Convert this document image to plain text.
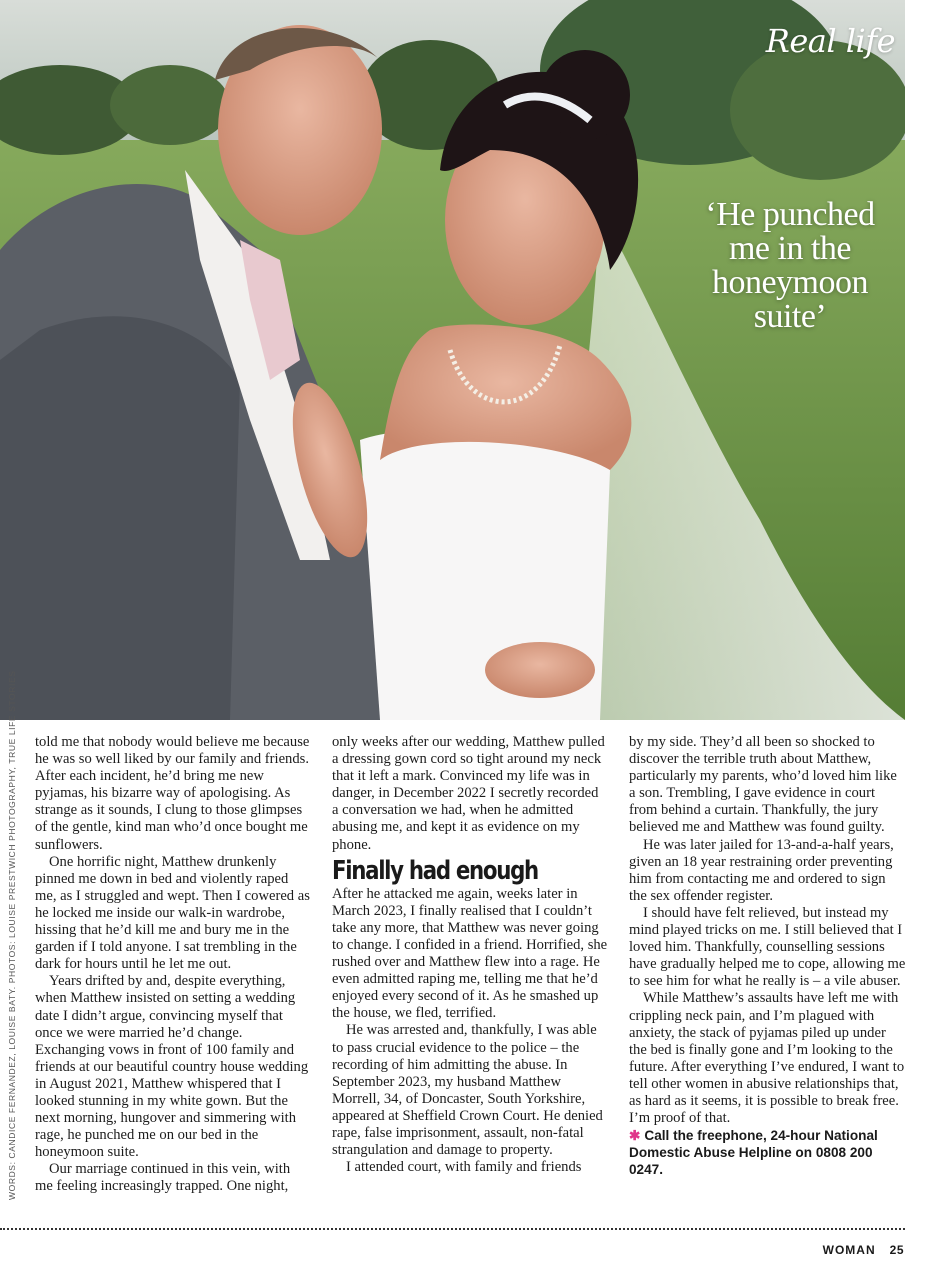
Real life
‘He punched me in the honeymoon suite’
WORDS: CANDICE FERNANDEZ, LOUISE BATY. PHOTOS: LOUISE PRESTWICH PHOTOGRAPHY, TRUE LIFE STORIES told me that nobody would believe me because he was so well liked by our family and friends. After each incident, he’d bring me new pyjamas, his bizarre way of apologising. As strange as it sounds, I clung to those glimpses of the gentle, kind man who’d once bought me sunflowers.

One horrific night, Matthew drunkenly pinned me down in bed and violently raped me, as I struggled and wept. Then I cowered as he locked me inside our walk-in wardrobe, hissing that he’d kill me and bury me in the garden if I told anyone. I sat trembling in the dark for hours until he let me out.

Years drifted by and, despite everything, when Matthew insisted on setting a wedding date I didn’t argue, convincing myself that once we were married he’d change. Exchanging vows in front of 100 family and friends at our beautiful country house wedding in August 2021, Matthew whispered that I looked stunning in my white gown. But the next morning, hungover and simmering with rage, he punched me on our bed in the honeymoon suite.

Our marriage continued in this vein, with me feeling increasingly trapped. One night,

only weeks after our wedding, Matthew pulled a dressing gown cord so tight around my neck that it left a mark. Convinced my life was in danger, in December 2022 I secretly recorded a conversation we had, when he admitted abusing me, and kept it as evidence on my phone.

Finally had enough

After he attacked me again, weeks later in March 2023, I finally realised that I couldn’t take any more, that Matthew was never going to change. I confided in a friend. Horrified, she rushed over and Matthew flew into a rage. He even admitted raping me, telling me that he’d enjoyed every second of it. As he smashed up the house, we fled, terrified.

He was arrested and, thankfully, I was able to pass crucial evidence to the police – the recording of him admitting the abuse. In September 2023, my husband Matthew Morrell, 34, of Doncaster, South Yorkshire, appeared at Sheffield Crown Court. He denied rape, false imprisonment, assault, non-fatal strangulation and damage to property.

I attended court, with family and friends

by my side. They’d all been so shocked to discover the terrible truth about Matthew, particularly my parents, who’d loved him like a son. Trembling, I gave evidence in court from behind a curtain. Thankfully, the jury believed me and Matthew was found guilty.

He was later jailed for 13-and-a-half years, given an 18 year restraining order preventing him from contacting me and ordered to sign the sex offender register.

I should have felt relieved, but instead my mind played tricks on me. I still believed that I loved him. Thankfully, counselling sessions have gradually helped me to cope, allowing me to see him for what he really is – a vile abuser.

While Matthew’s assaults have left me with crippling neck pain, and I’m plagued with anxiety, the stack of pyjamas piled up under the bed is finally gone and I’m looking to the future. After everything I’ve endured, I want to tell other women in abusive relationships that, as hard as it seems, it is possible to break free. I’m proof of that.

✱ Call the freephone, 24-hour National Domestic Abuse Helpline on 0808 200 0247.

WOMAN 25
